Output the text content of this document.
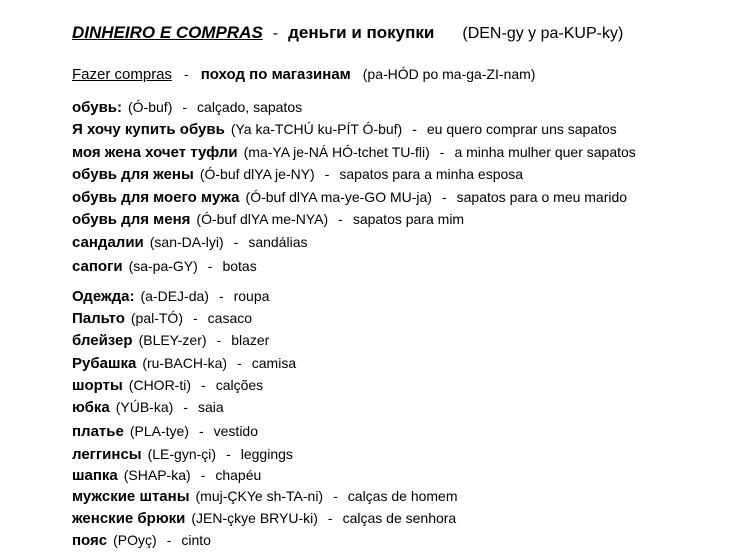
DINHEIRO E COMPRAS - деньги и покупки (DEN-gy y pa-KUP-ky)
Fazer compras - поход по магазинам (pa-HÓD po ma-ga-ZI-nam)
обувь: (Ó-buf) - calçado, sapatos
Я хочу купить обувь (Ya ka-TCHÚ ku-PÍT Ó-buf) - eu quero comprar uns sapatos
моя жена хочет туфли (ma-YA je-NÁ HÓ-tchet TU-fli) - a minha mulher quer sapatos
обувь для жены (Ó-buf dlYA je-NY) - sapatos para a minha esposa
обувь для моего мужа (Ó-buf dlYA ma-ye-GO MU-ja) - sapatos para o meu marido
обувь для меня (Ó-buf dlYA me-NYA) - sapatos para mim
сандалии (san-DA-lyi) - sandálias
сапоги (sa-pa-GY) - botas
Одежда: (a-DEJ-da) - roupa
Пальто (pal-TÓ) - casaco
блейзер (BLEY-zer) - blazer
Рубашка (ru-BACH-ka) - camisa
шорты (CHOR-ti) - calções
юбка (YÚB-ka) - saia
платье (PLA-tye) - vestido
леггинсы (LE-gyn-çi) - leggings
шапка (SHAP-ka) - chapéu
мужские штаны (muj-ÇKYe sh-TA-ni) - calças de homem
женские брюки (JEN-çkye BRYU-ki) - calças de senhora
пояс (POyç) - cinto
